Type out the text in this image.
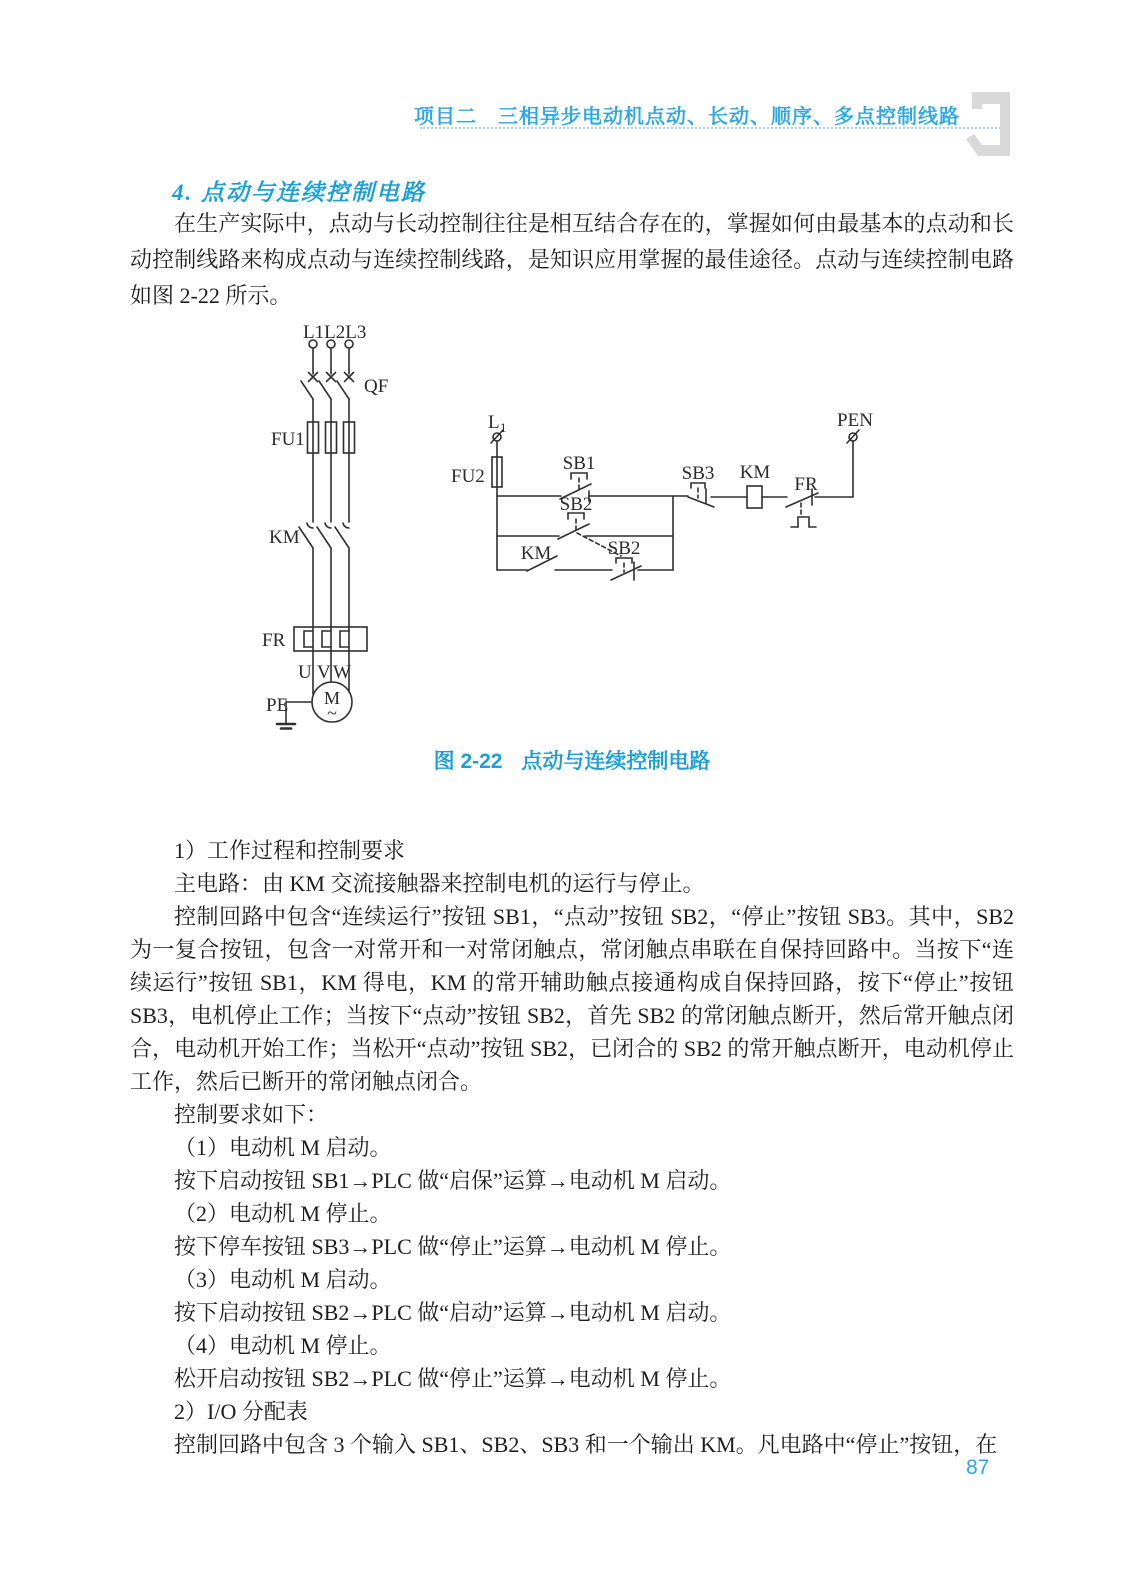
项目二　三相异步电动机点动、长动、顺序、多点控制线路
4. 点动与连续控制电路
在生产实际中，点动与长动控制往往是相互结合存在的，掌握如何由最基本的点动和长动控制线路来构成点动与连续控制线路，是知识应用掌握的最佳途径。点动与连续控制电路如图 2-22 所示。
L1L2L3
QF
FU1
KM
FR
U V W
M
~
PE
L 1
FU2
SB1
SB2
SB3 KM
FR
PEN
KM	SB2
图 2-22 点动与连续控制电路

1）工作过程和控制要求

主电路：由 KM 交流接触器来控制电机的运行与停止。

控制回路中包含“连续运行”按钮 SB1，“点动”按钮 SB2，“停止”按钮 SB3。其中，SB2 为一复合按钮，包含一对常开和一对常闭触点，常闭触点串联在自保持回路中。当按下“连续运行”按钮 SB1，KM 得电，KM 的常开辅助触点接通构成自保持回路，按下“停止”按钮 SB3，电机停止工作；当按下“点动”按钮 SB2，首先 SB2 的常闭触点断开，然后常开触点闭合，电动机开始工作；当松开“点动”按钮 SB2，已闭合的 SB2 的常开触点断开，电动机停止工作，然后已断开的常闭触点闭合。

控制要求如下：

（1）电动机 M 启动。

按下启动按钮 SB1→PLC 做“启保”运算→电动机 M 启动。

（2）电动机 M 停止。

按下停车按钮 SB3→PLC 做“停止”运算→电动机 M 停止。

（3）电动机 M 启动。

按下启动按钮 SB2→PLC 做“启动”运算→电动机 M 启动。

（4）电动机 M 停止。

松开启动按钮 SB2→PLC 做“停止”运算→电动机 M 停止。

2）I/O 分配表

控制回路中包含 3 个输入 SB1、SB2、SB3 和一个输出 KM。凡电路中“停止”按钮，在

87
